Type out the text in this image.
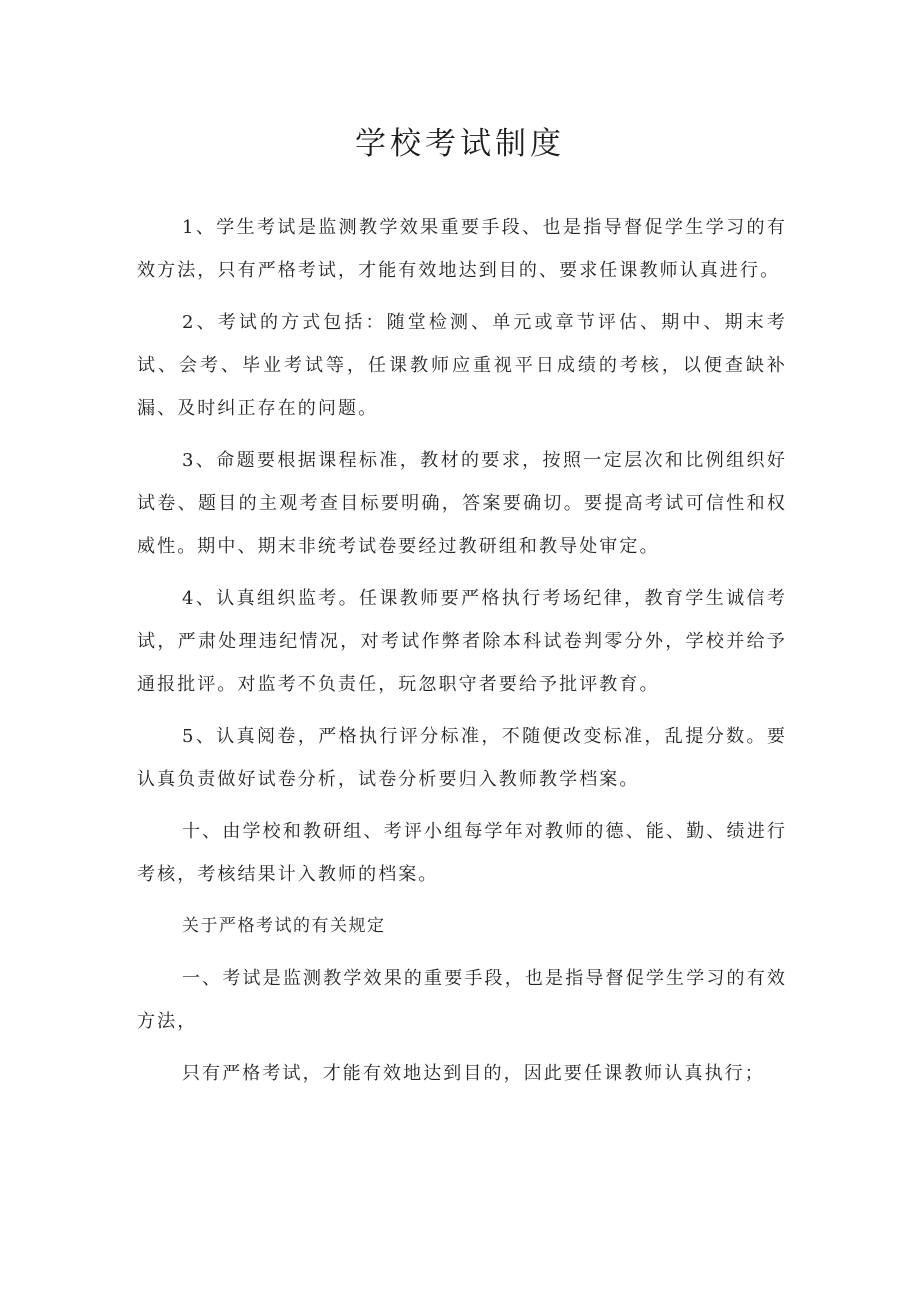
学校考试制度

1、学生考试是监测教学效果重要手段、也是指导督促学生学习的有效方法，只有严格考试，才能有效地达到目的、要求任课教师认真进行。

2、考试的方式包括：随堂检测、单元或章节评估、期中、期末考试、会考、毕业考试等，任课教师应重视平日成绩的考核，以便查缺补漏、及时纠正存在的问题。

3、命题要根据课程标准，教材的要求，按照一定层次和比例组织好试卷、题目的主观考查目标要明确，答案要确切。要提高考试可信性和权威性。期中、期末非统考试卷要经过教研组和教导处审定。

4、认真组织监考。任课教师要严格执行考场纪律，教育学生诚信考试，严肃处理违纪情况，对考试作弊者除本科试卷判零分外，学校并给予通报批评。对监考不负责任，玩忽职守者要给予批评教育。

5、认真阅卷，严格执行评分标准，不随便改变标准，乱提分数。要认真负责做好试卷分析，试卷分析要归入教师教学档案。

十、由学校和教研组、考评小组每学年对教师的德、能、勤、绩进行考核，考核结果计入教师的档案。

关于严格考试的有关规定

一、考试是监测教学效果的重要手段，也是指导督促学生学习的有效方法，

只有严格考试，才能有效地达到目的，因此要任课教师认真执行；
